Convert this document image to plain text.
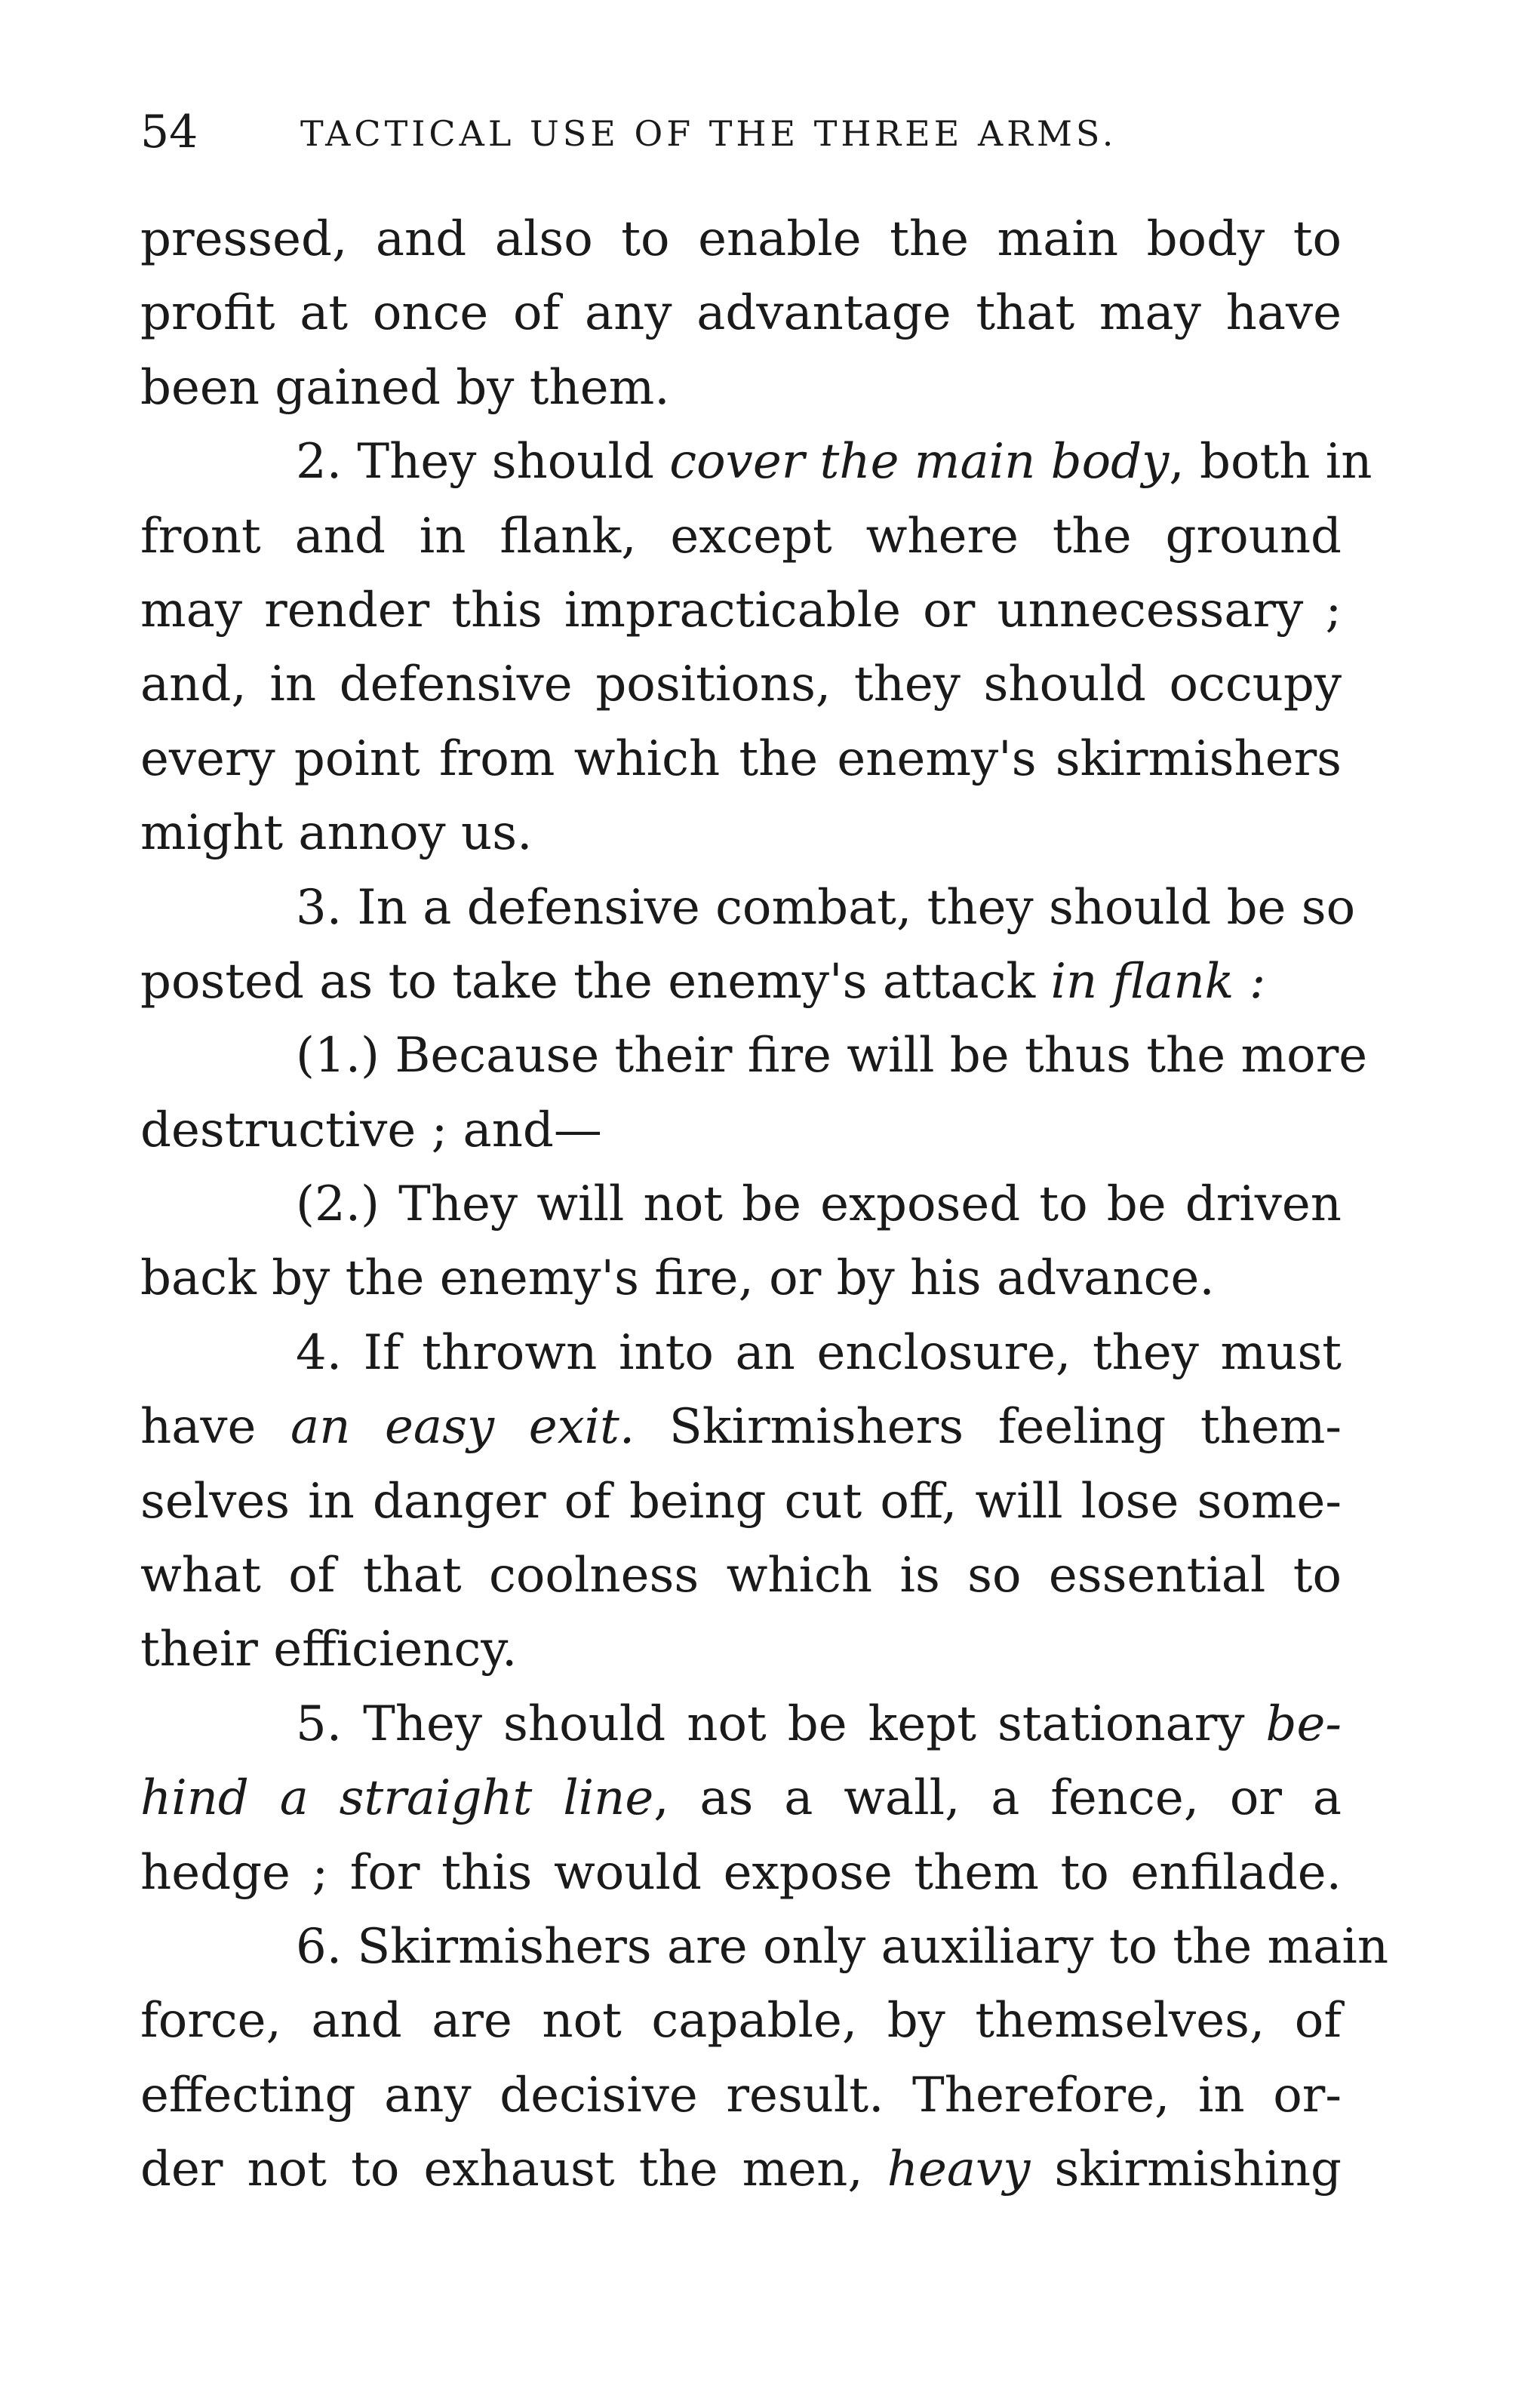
54	TACTICAL USE OF THE THREE ARMS.
pressed, and also to enable the main body to
profit at once of any advantage that may have
been gained by them.
2. They should cover the main body, both in
front and in flank, except where the ground
may render this impracticable or unnecessary ;
and, in defensive positions, they should occupy
every point from which the enemy's skirmishers
might annoy us.
3. In a defensive combat, they should be so
posted as to take the enemy's attack in flank :
(1.) Because their fire will be thus the more
destructive ; and—
(2.) They will not be exposed to be driven
back by the enemy's fire, or by his advance.
4. If thrown into an enclosure, they must
have an easy exit. Skirmishers feeling them-
selves in danger of being cut off, will lose some-
what of that coolness which is so essential to
their efficiency.
5. They should not be kept stationary be-
hind a straight line, as a wall, a fence, or a
hedge ; for this would expose them to enfilade.
6. Skirmishers are only auxiliary to the main
force, and are not capable, by themselves, of
effecting any decisive result. Therefore, in or-
der not to exhaust the men, heavy skirmishing
